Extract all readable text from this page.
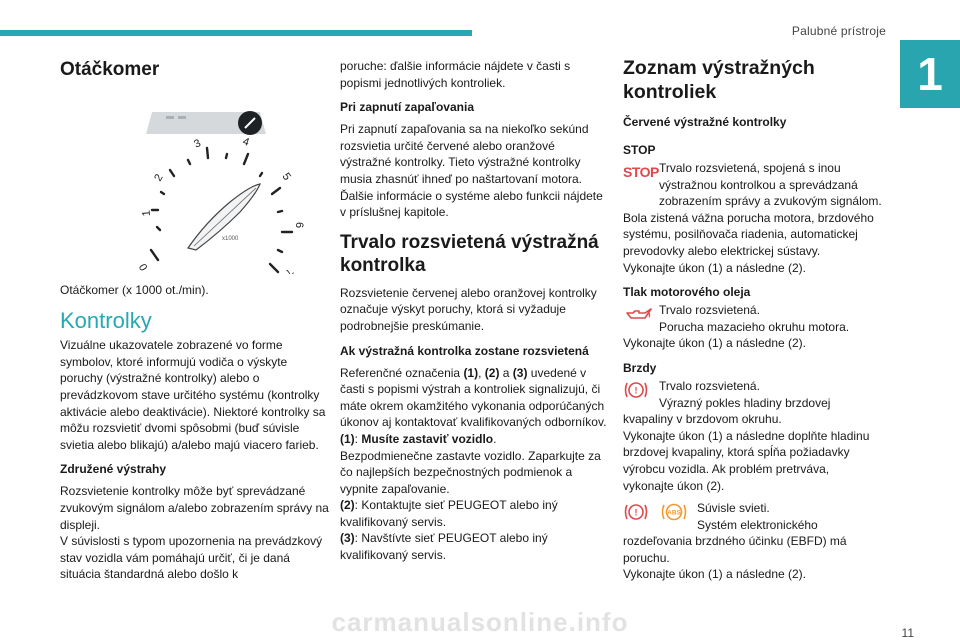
Palubné prístroje
1
Otáčkomer
x1000
0
1
2
3	4
5
6
7

Otáčkomer (x 1000 ot./min).

Kontrolky

Vizuálne ukazovatele zobrazené vo forme symbolov, ktoré informujú vodiča o výskyte poruchy (výstražné kontrolky) alebo o prevádzkovom stave určitého systému (kontrolky aktivácie alebo deaktivácie). Niektoré kontrolky sa môžu rozsvietiť dvomi spôsobmi (buď súvisle svietia alebo blikajú) a/alebo majú viacero farieb.

Združené výstrahy

Rozsvietenie kontrolky môže byť sprevádzané zvukovým signálom a/alebo zobrazením správy na displeji.

V súvislosti s typom upozornenia na prevádzkový stav vozidla vám pomáhajú určiť, či je daná situácia štandardná alebo došlo k

poruche: ďalšie informácie nájdete v časti s popismi jednotlivých kontroliek.

Pri zapnutí zapaľovania

Pri zapnutí zapaľovania sa na niekoľko sekúnd rozsvietia určité červené alebo oranžové výstražné kontrolky. Tieto výstražné kontrolky musia zhasnúť ihneď po naštartovaní motora. Ďalšie informácie o systéme alebo funkcii nájdete v príslušnej kapitole.

Trvalo rozsvietená výstražná kontrolka

Rozsvietenie červenej alebo oranžovej kontrolky označuje výskyt poruchy, ktorá si vyžaduje podrobnejšie preskúmanie.

Ak výstražná kontrolka zostane rozsvietená

Referenčné označenia (1), (2) a (3) uvedené v časti s popismi výstrah a kontroliek signalizujú, či máte okrem okamžitého vykonania odporúčaných úkonov aj kontaktovať kvalifikovaných odborníkov.

(1): Musíte zastaviť vozidlo.

Bezpodmienečne zastavte vozidlo. Zaparkujte za čo najlepších bezpečnostných podmienok a vypnite zapaľovanie.

(2): Kontaktujte sieť PEUGEOT alebo iný kvalifikovaný servis.

(3): Navštívte sieť PEUGEOT alebo iný kvalifikovaný servis.

Zoznam výstražných kontroliek
Červené výstražné kontrolky
STOP
STOP Trvalo rozsvietená, spojená s inou výstražnou kontrolkou a sprevádzaná zobrazením správy a zvukovým signálom.

Bola zistená vážna porucha motora, brzdového systému, posilňovača riadenia, automatickej prevodovky alebo elektrickej sústavy.

Vykonajte úkon (1) a následne (2).

Tlak motorového oleja
Trvalo rozsvietená.
Porucha mazacieho okruhu motora.

Vykonajte úkon (1) a následne (2).

Brzdy
! Trvalo rozsvietená.
Výrazný pokles hladiny brzdovej

kvapaliny v brzdovom okruhu.

Vykonajte úkon (1) a následne doplňte hladinu brzdovej kvapaliny, ktorá spĺňa požiadavky výrobcu vozidla. Ak problém pretrváva, vykonajte úkon (2).

!	ABS Súvisle svieti.
Systém elektronického

rozdeľovania brzdného účinku (EBFD) má poruchu.

Vykonajte úkon (1) a následne (2).

11
carmanualsonline.info
